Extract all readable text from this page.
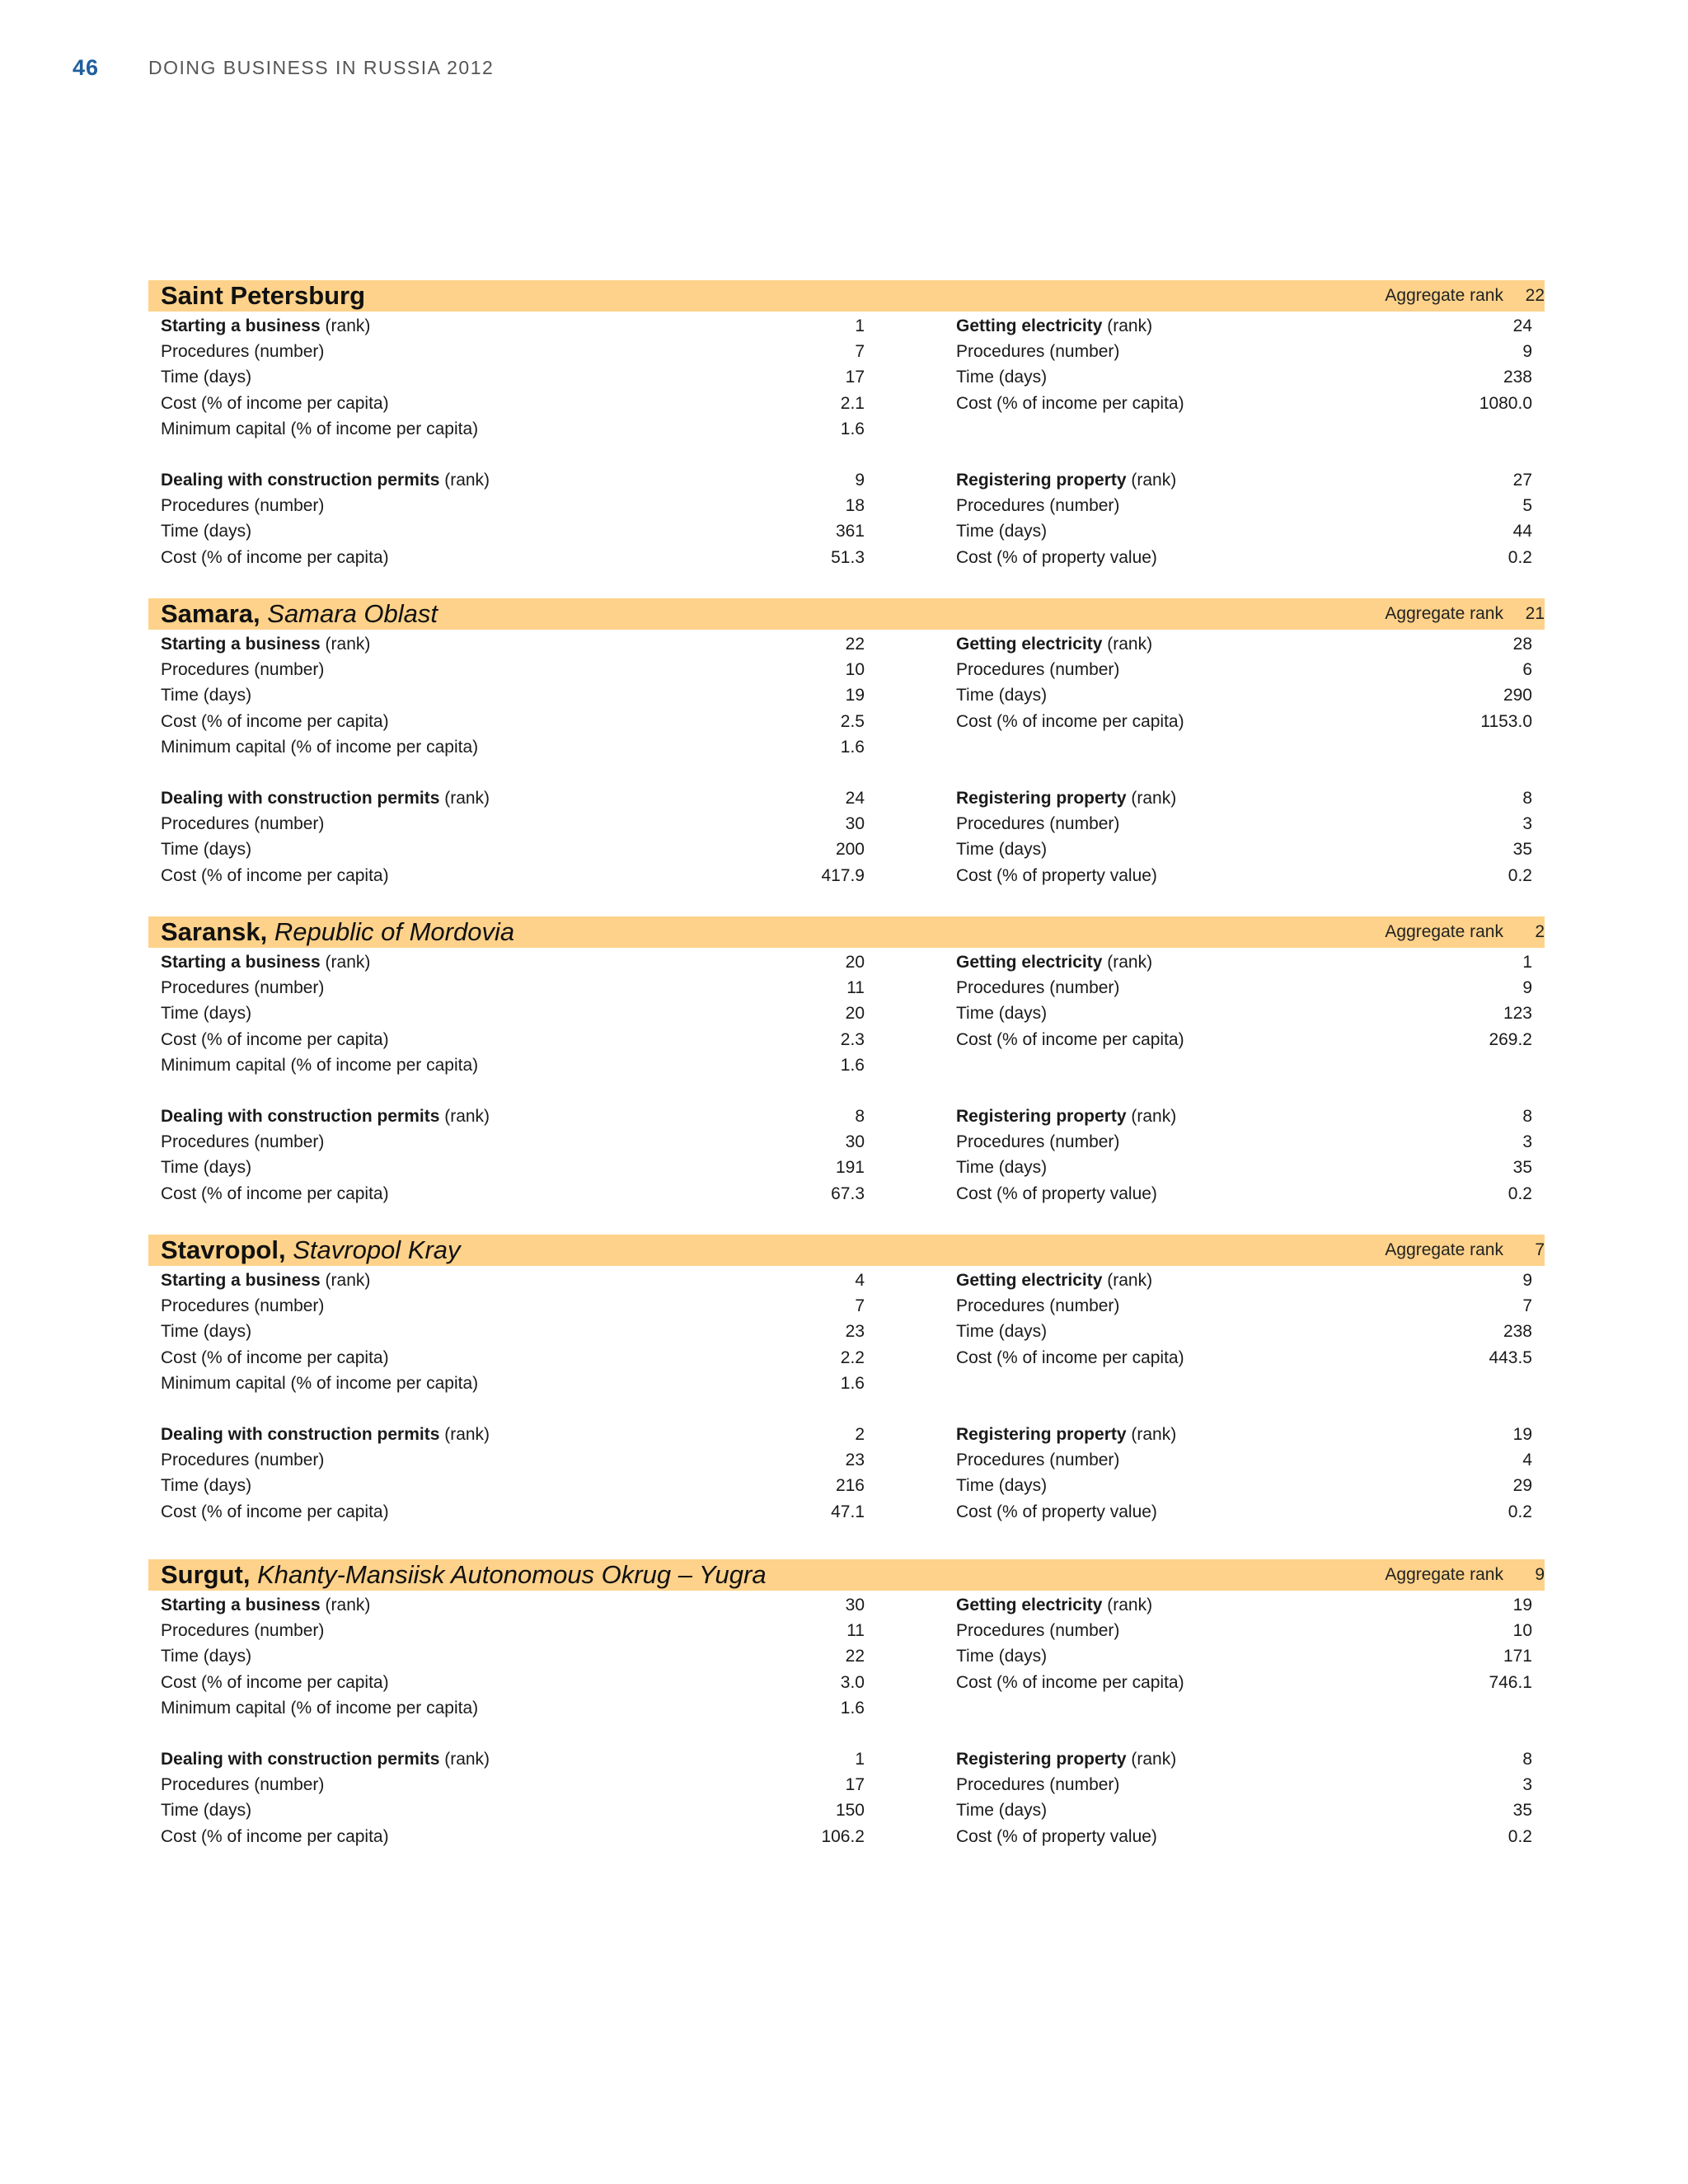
46	DOING BUSINESS IN RUSSIA 2012
Saint Petersburg	Aggregate rank	22
Starting a business (rank)	1
Procedures (number)	7
Time (days)	17
Cost (% of income per capita)	2.1
Minimum capital (% of income per capita)	1.6
Dealing with construction permits (rank)	9
Procedures (number)	18
Time (days)	361
Cost (% of income per capita)	51.3
Getting electricity (rank)	24
Procedures (number)	9
Time (days)	238
Cost (% of income per capita)	1080.0
Registering property (rank)	27
Procedures (number)	5
Time (days)	44
Cost (% of property value)	0.2
Samara, Samara Oblast	Aggregate rank	21
Starting a business (rank)	22
Procedures (number)	10
Time (days)	19
Cost (% of income per capita)	2.5
Minimum capital (% of income per capita)	1.6
Dealing with construction permits (rank)	24
Procedures (number)	30
Time (days)	200
Cost (% of income per capita)	417.9
Getting electricity (rank)	28
Procedures (number)	6
Time (days)	290
Cost (% of income per capita)	1153.0
Registering property (rank)	8
Procedures (number)	3
Time (days)	35
Cost (% of property value)	0.2
Saransk, Republic of Mordovia	Aggregate rank	2
Starting a business (rank)	20
Procedures (number)	11
Time (days)	20
Cost (% of income per capita)	2.3
Minimum capital (% of income per capita)	1.6
Dealing with construction permits (rank)	8
Procedures (number)	30
Time (days)	191
Cost (% of income per capita)	67.3
Getting electricity (rank)	1
Procedures (number)	9
Time (days)	123
Cost (% of income per capita)	269.2
Registering property (rank)	8
Procedures (number)	3
Time (days)	35
Cost (% of property value)	0.2
Stavropol, Stavropol Kray	Aggregate rank	7
Starting a business (rank)	4
Procedures (number)	7
Time (days)	23
Cost (% of income per capita)	2.2
Minimum capital (% of income per capita)	1.6
Dealing with construction permits (rank)	2
Procedures (number)	23
Time (days)	216
Cost (% of income per capita)	47.1
Getting electricity (rank)	9
Procedures (number)	7
Time (days)	238
Cost (% of income per capita)	443.5
Registering property (rank)	19
Procedures (number)	4
Time (days)	29
Cost (% of property value)	0.2
Surgut, Khanty-Mansiisk Autonomous Okrug – Yugra	Aggregate rank	9
Starting a business (rank)	30
Procedures (number)	11
Time (days)	22
Cost (% of income per capita)	3.0
Minimum capital (% of income per capita)	1.6
Dealing with construction permits (rank)	1
Procedures (number)	17
Time (days)	150
Cost (% of income per capita)	106.2
Getting electricity (rank)	19
Procedures (number)	10
Time (days)	171
Cost (% of income per capita)	746.1
Registering property (rank)	8
Procedures (number)	3
Time (days)	35
Cost (% of property value)	0.2
